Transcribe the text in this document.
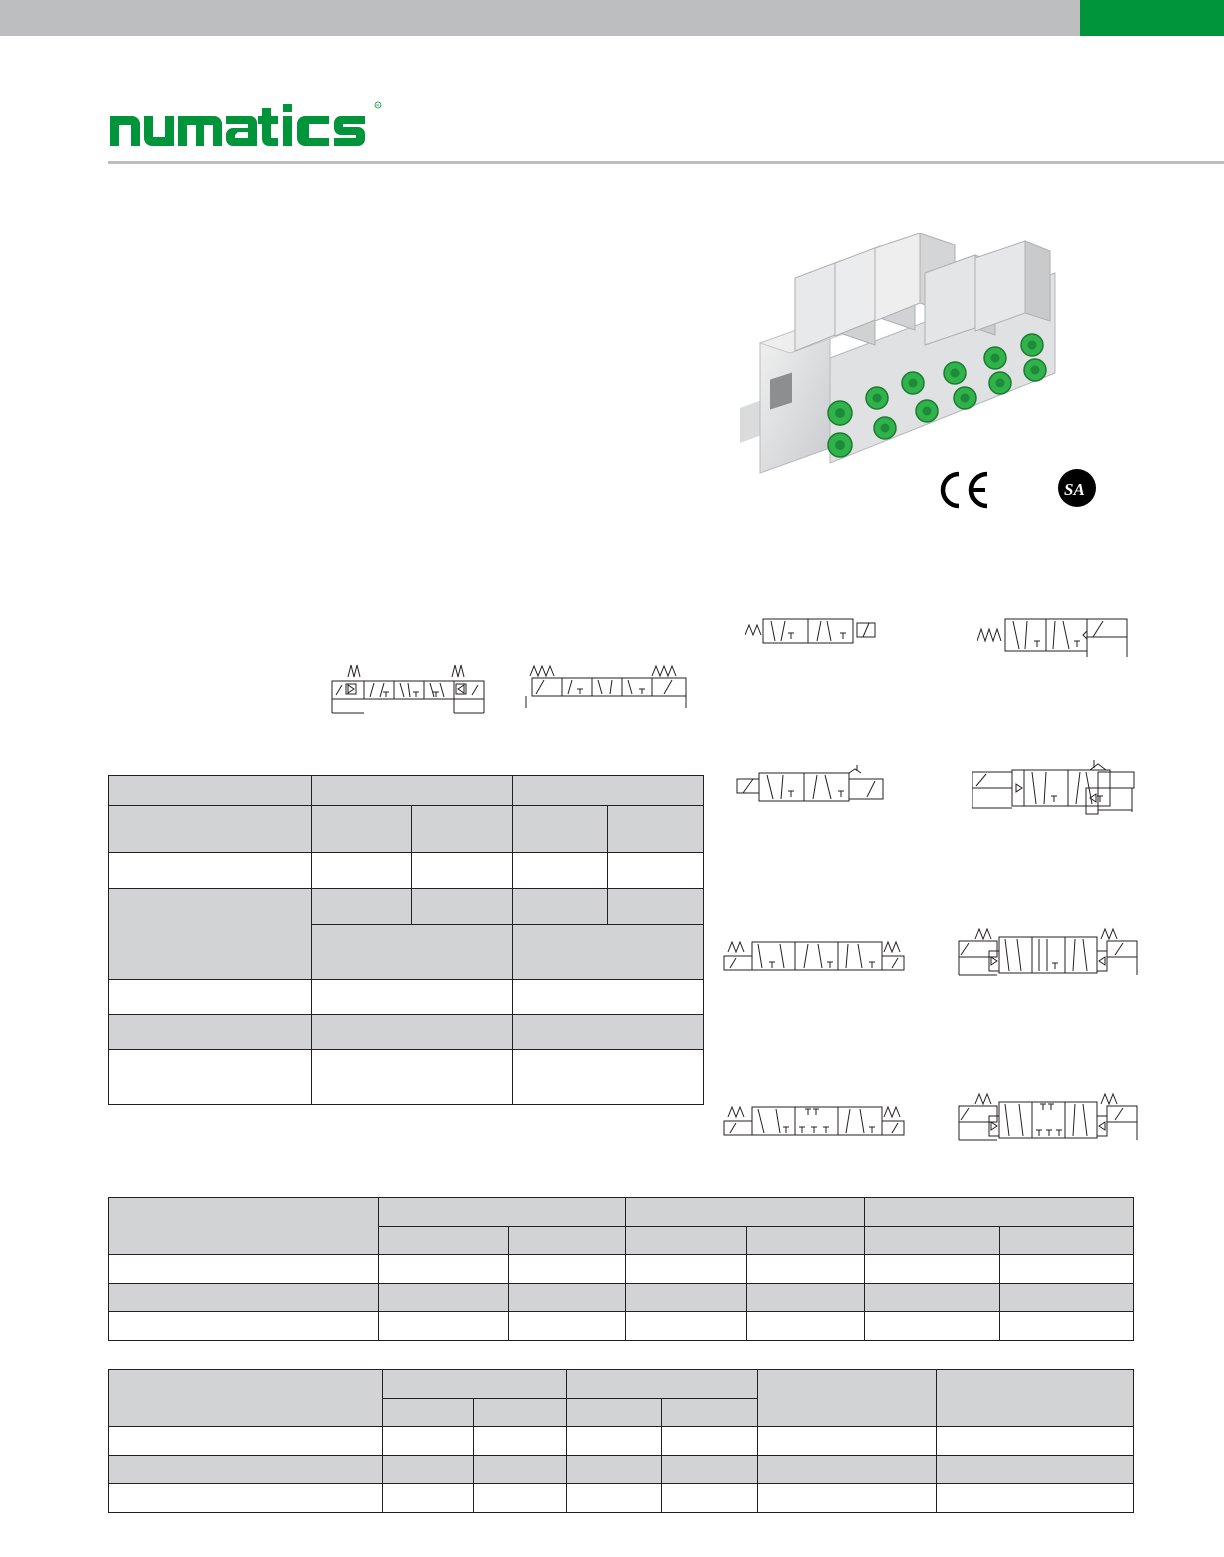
R
SA
